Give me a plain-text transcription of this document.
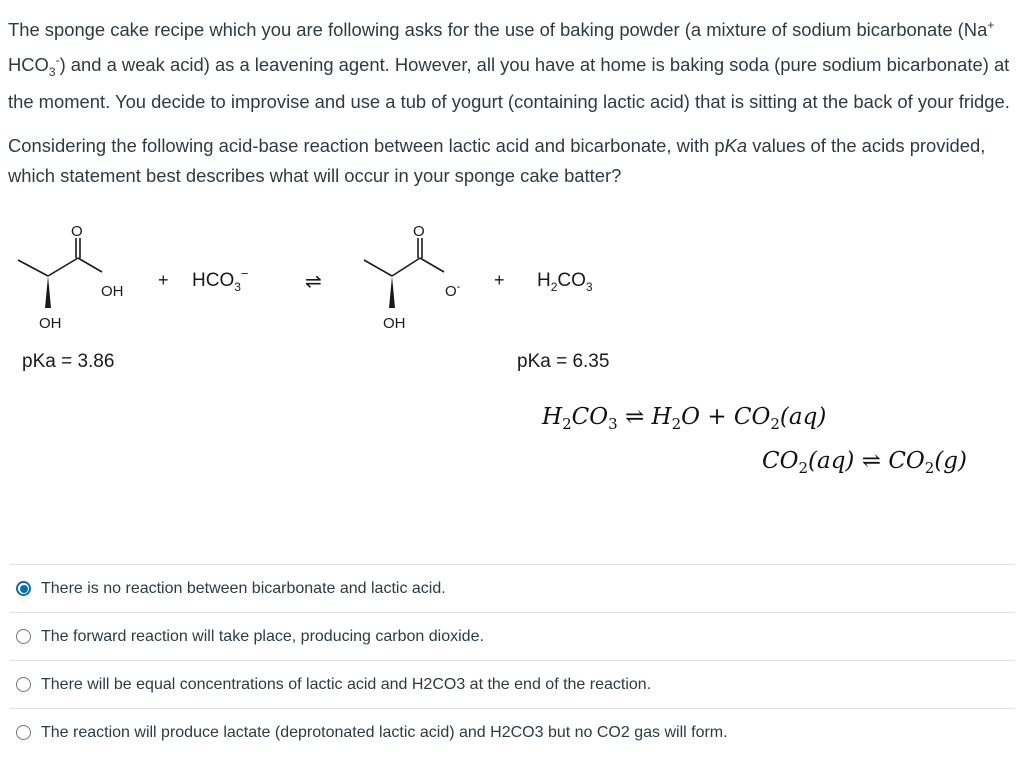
The sponge cake recipe which you are following asks for the use of baking powder (a mixture of sodium bicarbonate (Na+ $HCO_3^-$) and a weak acid) as a leavening agent. However, all you have at home is baking soda (pure sodium bicarbonate) at the moment. You decide to improvise and use a tub of yogurt (containing lactic acid) that is sitting at the back of your fridge.

Considering the following acid-base reaction between lactic acid and bicarbonate, with pKa values of the acids provided, which statement best describes what will occur in your sponge cake batter?

O
OH
OH
+ $HCO_3^-$	⇌
O
O-
OH
+ $H_2CO_3$
pKa = 3.86	pKa = 6.35
$H_2CO_3$ ⇌ $H_2O + CO_2(aq)$
$CO_2(aq)$ ⇌ $CO_2(g)$
There is no reaction between bicarbonate and lactic acid.
The forward reaction will take place, producing carbon dioxide.
There will be equal concentrations of lactic acid and H2CO3 at the end of the reaction.
The reaction will produce lactate (deprotonated lactic acid) and H2CO3 but no CO2 gas will form.
